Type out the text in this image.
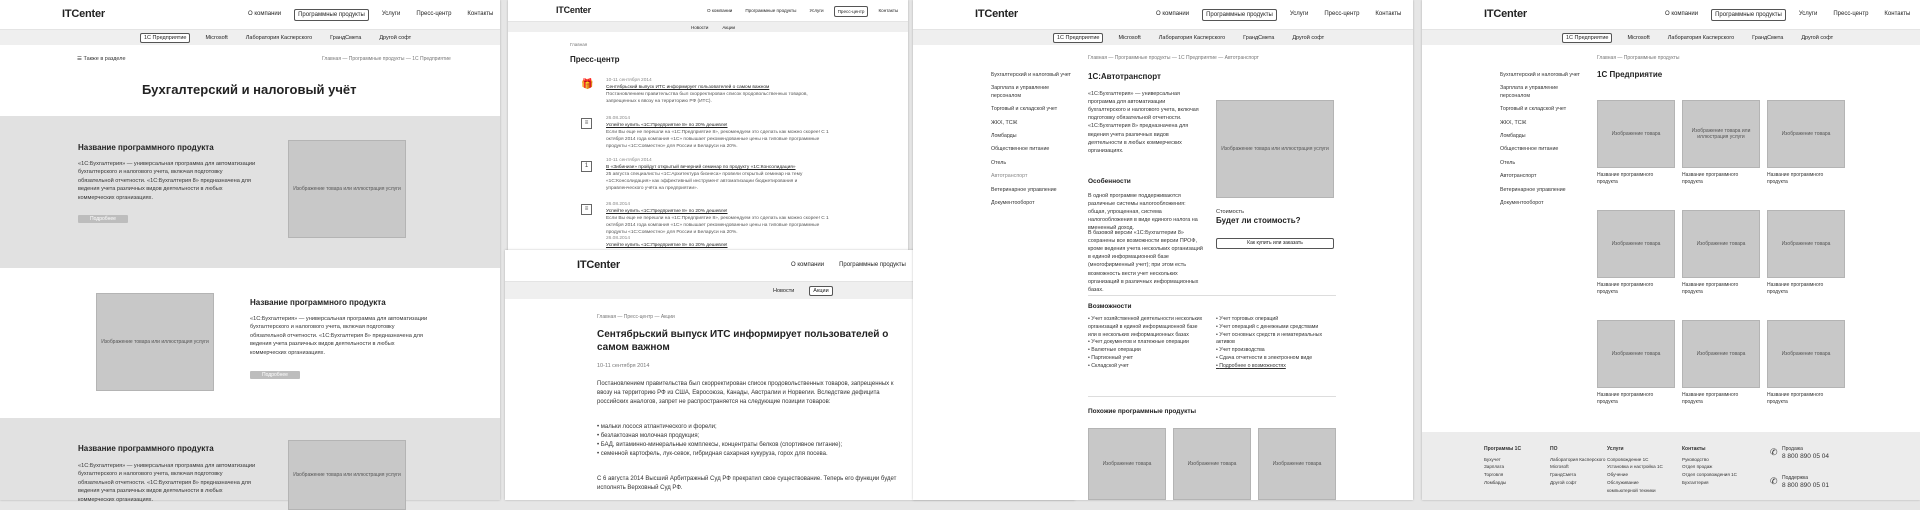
ITCenter	О компании	Программные продукты	Услуги	Пресс-центр	Контакты
1С Предприятие	Microsoft	Лаборатория Касперского	ГрандСмета	Другой софт
☰ Также в разделе	Главная — Программные продукты — 1С Предприятие
Бухгалтерский и налоговый учёт
Название программного продукта
«1С:Бухгалтерия» — универсальная программа для автоматизации бухгалтерского и налогового учета, включая подготовку обязательной отчетности. «1С:Бухгалтерия 8» предназначена для ведения учета различных видов деятельности в любых коммерческих организациях.
Подробнее
Изображение товара или иллюстрация услуги
Изображение товара или иллюстрация услуги
Название программного продукта
«1С:Бухгалтерия» — универсальная программа для автоматизации бухгалтерского и налогового учета, включая подготовку обязательной отчетности. «1С:Бухгалтерия 8» предназначена для ведения учета различных видов деятельности в любых коммерческих организациях.
Подробнее
Название программного продукта
«1С:Бухгалтерия» — универсальная программа для автоматизации бухгалтерского и налогового учета, включая подготовку обязательной отчетности. «1С:Бухгалтерия 8» предназначена для ведения учета различных видов деятельности в любых коммерческих организациях.
Изображение товара или иллюстрация услуги
ITCenter	О компании	Программные продукты	Услуги	Пресс-центр	Контакты
Новости	Акции
Главная
Пресс-центр
🎁	10-11 сентября 2014
Сентябрьский выпуск ИТС информирует пользователей о самом важном
Постановлением правительства был скорректирован список продовольственных товаров, запрещенных к ввозу на территорию РФ (ИТС).
≡
26.08.2014
Успейте купить «1С:Предприятие 8» по 20% дешевле!
Если Вы еще не перешли на «1С:Предприятие 8», рекомендуем это сделать как можно скорее! С 1 октября 2014 года компания «1С» повышает рекомендованные цены на типовые программные продукты «1С:Совместно» для России и Беларуси на 20%.
1
10-11 сентября 2014
В «Зибинизе» пройдут открытый вечерний семинар по продукту «1С:Консолидация»
25 августа специалисты «1С:Архитектура бизнеса» провели открытый семинар на тему «1С:Консолидация» как эффективный инструмент автоматизации бюджетирования и управленческого учёта на предприятии».
≡
26.08.2014
Успейте купить «1С:Предприятие 8» по 20% дешевле!
Если Вы еще не перешли на «1С:Предприятие 8», рекомендуем это сделать как можно скорее! С 1 октября 2014 года компания «1С» повышает рекомендованные цены на типовые программные продукты «1С:Совместно» для России и Беларуси на 20%.
26.08.2014
Успейте купить «1С:Предприятие 8» по 20% дешевле!
ITCenter	О компании	Программные продукты
Новости	Акции
Главная — Пресс-центр — Акции
Сентябрьский выпуск ИТС информирует пользователей о самом важном
10-11 сентября 2014
Постановлением правительства был скорректирован список продовольственных товаров, запрещенных к ввозу на территорию РФ из США, Евросоюза, Канады, Австралии и Норвегии. Вследствие дефицита российских аналогов, запрет не распространяется на следующие позиции товаров:
• мальки лосося атлантического и форели;
• безлактозная молочная продукция;
• БАД, витаминно-минеральные комплексы, концентраты белков (спортивное питание);
• семенной картофель, лук-севок, гибридная сахарная кукуруза, горох для посева.
С 6 августа 2014 Высший Арбитражный Суд РФ прекратил свое существование. Теперь его функции будет исполнять Верховный Суд РФ.
ITCenter	О компании	Программные продукты	Услуги	Пресс-центр	Контакты
1С Предприятие	Microsoft	Лаборатория Касперского	ГрандСмета	Другой софт
Главная — Программные продукты — 1С Предприятие — Автотранспорт
Бухгалтерский и налоговый учет
Зарплата и управление персоналом
Торговый и складской учет
ЖКХ, ТСЖ
Ломбарды
Общественное питание
Отель
Автотранспорт
Ветеринарное управление
Документооборот
1С:Автотранспорт
«1С:Бухгалтерия» — универсальная программа для автоматизации бухгалтерского и налогового учета, включая подготовку обязательной отчетности. «1С:Бухгалтерия 8» предназначена для ведения учета различных видов деятельности в любых коммерческих организациях.
Особенности
В одной программе поддерживаются различные системы налогообложения: общая, упрощенная, система налогообложения в виде единого налога на вмененный доход.
В базовой версии «1С:Бухгалтерии 8» сохранены все возможности версии ПРОФ, кроме ведения учета нескольких организаций в единой информационной базе (многофирменный учет); при этом есть возможность вести учет нескольких организаций в различных информационных базах.
Изображение товара или иллюстрация услуги
Стоимость
Будет ли стоимость?
Как купить или заказать
Возможности
• Учет хозяйственной деятельности нескольких организаций в единой информационной базе или в нескольких информационных базах
• Учет документов и платежные операции
• Валютные операции
• Партионный учет
• Складской учет
• Учет торговых операций
• Учет операций с денежными средствами
• Учет основных средств и нематериальных активов
• Учет производства
• Сдача отчетности в электронном виде
• Подробнее о возможностях
Похожие программные продукты
Изображение товара	Изображение товара	Изображение товара
ITCenter	О компании	Программные продукты	Услуги	Пресс-центр	Контакты
1С Предприятие	Microsoft	Лаборатория Касперского	ГрандСмета	Другой софт
Главная — Программные продукты
Бухгалтерский и налоговый учет
Зарплата и управление персоналом
Торговый и складской учет
ЖКХ, ТСЖ
Ломбарды
Общественное питание
Отель
Автотранспорт
Ветеринарное управление
Документооборот
1С Предприятие
Изображение товара
Изображение товара или иллюстрация услуги
Изображение товара
Название программного продукта
Название программного продукта
Название программного продукта
Изображение товара	Изображение товара	Изображение товара
Название программного продукта
Название программного продукта
Название программного продукта
Изображение товара	Изображение товара	Изображение товара
Название программного продукта
Название программного продукта
Название программного продукта
Программы 1С
Бухучет
Зарплата
Торговля
Ломбарды
ПО
Лаборатория Касперского
Microsoft
ГрандСмета
Другой софт
Услуги
Сопровождение 1С
Установка и настройка 1С
Обучение
Обслуживание компьютерной техники
Контакты
Руководство
Отдел продаж
Отдел сопровождения 1С
Бухгалтерия
✆ Продажа
8 800 890 05 04
✆ Поддержка
8 800 890 05 01
